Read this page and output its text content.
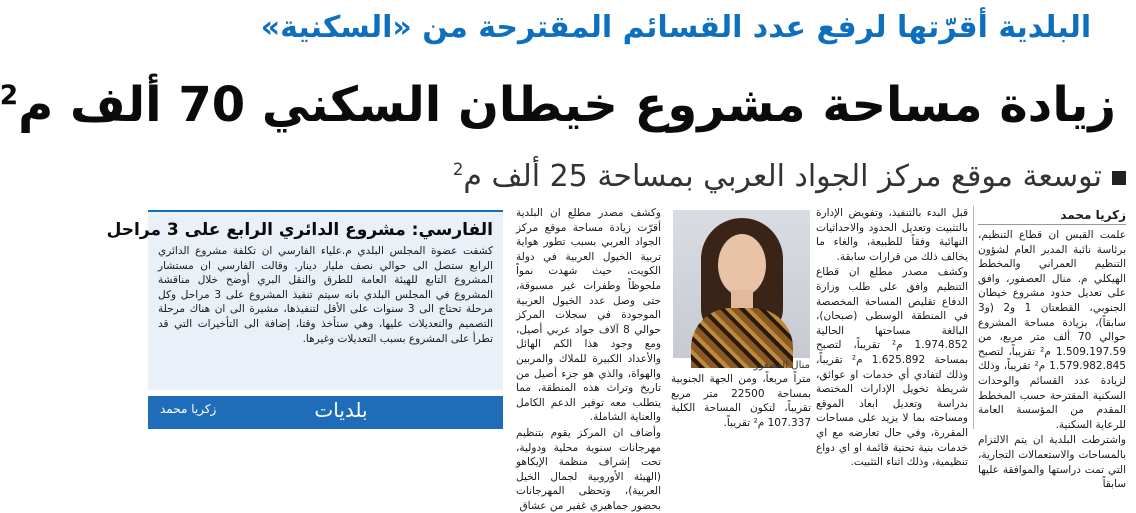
البلدية أقرّتها لرفع عدد القسائم المقترحة من «السكنية»
زيادة مساحة مشروع خيطان السكني 70 ألف م$^2$
توسعة موقع مركز الجواد العربي بمساحة 25 ألف م$^2$
زكريا محمد

علمت القبس ان قطاع التنظيم، برئاسة نائبة المدير العام لشؤون التنظيم العمراني والمخطط الهيكلي م. منال العصفور، وافق على تعديل حدود مشروع خيطان الجنوبي، القطعتان 1 و2 (و3 سابقاً)، بزيادة مساحة المشروع حوالي 70 ألف متر مربع، من 1.509.197.59 م² تقريباً، لتصبح 1.579.982.845 م² تقريباً، وذلك لزيادة عدد القسائم والوحدات السكنية المقترحة حسب المخطط المقدم من المؤسسة العامة للرعاية السكنية.

واشترطت البلدية ان يتم الالتزام بالمساحات والاستعمالات التجارية، التي تمت دراستها والموافقة عليها سابقاً

قبل البدء بالتنفيذ، وتفويض الإدارة بالتثبيت وتعديل الحدود والاحداثيات النهائية وفقاً للطبيعة، والغاء ما يخالف ذلك من قرارات سابقة.

وكشف مصدر مطلع ان قطاع التنظيم وافق على طلب وزارة الدفاع تقليص المساحة المخصصة في المنطقة الوسطى (صبحان)، البالغة مساحتها الحالية 1.974.852 م² تقريباً، لتصبح بمساحة 1.625.892 م² تقريباً، وذلك لتفادي أي خدمات او عوائق، شريطة تخويل الإدارات المختصة بدراسة وتعديل ابعاد الموقع ومساحته بما لا يزيد على مساحات المقررة، وفي حال تعارضه مع اي خدمات بنية تحتية قائمة او اي دواع تنظيمية، وذلك اثناء التثبيت.

منال العصفور

متراً مربعاً، ومن الجهة الجنوبية بمساحة 22500 متر مربع تقريباً، لتكون المساحة الكلية 107.337 م² تقريباً.

وكشف مصدر مطلع ان البلدية أقرّت زيادة مساحة موقع مركز الجواد العربي بسبب تطور هواية تربية الخيول العربية في دولة الكويت، حيث شهدت نمواً ملحوظاً وطفرات غير مسبوقة، حتى وصل عدد الخيول العربية الموجودة في سجلات المركز حوالي 8 آلاف جواد عربي أصيل، ومع وجود هذا الكم الهائل والأعداد الكبيرة للملاك والمربين والهواة، والذي هو جزء أصيل من تاريخ وتراث هذه المنطقة، مما يتطلب معه توفير الدعم الكامل والعناية الشاملة.

وأضاف ان المركز يقوم بتنظيم مهرجانات سنوية محلية ودولية، تحت إشراف منظمة الإيكاهو (الهيئة الأوروبية لجمال الخيل العربية)، وتحظى المهرجانات بحضور جماهيري غفير من عشاق

الفارسي: مشروع الدائري الرابع على 3 مراحل
كشفت عضوة المجلس البلدي م.علياء الفارسي ان تكلفة مشروع الدائري الرابع ستصل الى حوالي نصف مليار دينار. وقالت الفارسي ان مستشار المشروع التابع للهيئة العامة للطرق والنقل البري أوضح خلال مناقشة المشروع في المجلس البلدي بانه سيتم تنفيذ المشروع على 3 مراحل وكل مرحلة تحتاج الى 3 سنوات على الأقل لتنفيذها، مشيرة الى ان هناك مرحلة التصميم والتعديلات عليها، وهي ستأخذ وقتا، إضافة الى التأخيرات التي قد تطرأ على المشروع بسبب التعديلات وغيرها.
بلديات
زكريا محمد
